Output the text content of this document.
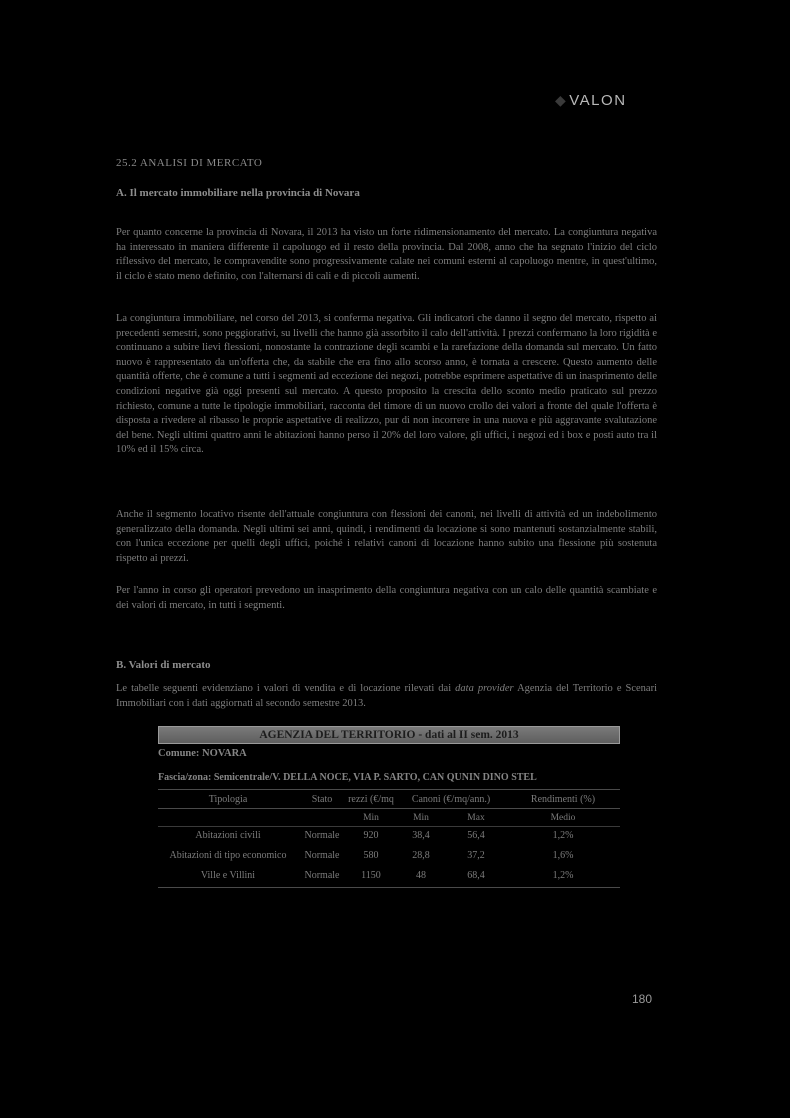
◆ VALON
25.2 ANALISI DI MERCATO
A. Il mercato immobiliare nella provincia di Novara

Per quanto concerne la provincia di Novara, il 2013 ha visto un forte ridimensionamento del mercato. La congiuntura negativa ha interessato in maniera differente il capoluogo ed il resto della provincia. Dal 2008, anno che ha segnato l'inizio del ciclo riflessivo del mercato, le compravendite sono progressivamente calate nei comuni esterni al capoluogo mentre, in quest'ultimo, il ciclo è stato meno definito, con l'alternarsi di cali e di piccoli aumenti.

La congiuntura immobiliare, nel corso del 2013, si conferma negativa. Gli indicatori che danno il segno del mercato, rispetto ai precedenti semestri, sono peggiorativi, su livelli che hanno già assorbito il calo dell'attività. I prezzi confermano la loro rigidità e continuano a subire lievi flessioni, nonostante la contrazione degli scambi e la rarefazione della domanda sul mercato. Un fatto nuovo è rappresentato da un'offerta che, da stabile che era fino allo scorso anno, è tornata a crescere. Questo aumento delle quantità offerte, che è comune a tutti i segmenti ad eccezione dei negozi, potrebbe esprimere aspettative di un inasprimento delle condizioni negative già oggi presenti sul mercato. A questo proposito la crescita dello sconto medio praticato sul prezzo richiesto, comune a tutte le tipologie immobiliari, racconta del timore di un nuovo crollo dei valori a fronte del quale l'offerta è disposta a rivedere al ribasso le proprie aspettative di realizzo, pur di non incorrere in una nuova e più aggravante svalutazione del bene. Negli ultimi quattro anni le abitazioni hanno perso il 20% del loro valore, gli uffici, i negozi ed i box e posti auto tra il 10% ed il 15% circa.

Anche il segmento locativo risente dell'attuale congiuntura con flessioni dei canoni, nei livelli di attività ed un indebolimento generalizzato della domanda. Negli ultimi sei anni, quindi, i rendimenti da locazione si sono mantenuti sostanzialmente stabili, con l'unica eccezione per quelli degli uffici, poiché i relativi canoni di locazione hanno subito una flessione più sostenuta rispetto ai prezzi.

Per l'anno in corso gli operatori prevedono un inasprimento della congiuntura negativa con un calo delle quantità scambiate e dei valori di mercato, in tutti i segmenti.

B. Valori di mercato

Le tabelle seguenti evidenziano i valori di vendita e di locazione rilevati dai data provider Agenzia del Territorio e Scenari Immobiliari con i dati aggiornati al secondo semestre 2013.

AGENZIA DEL TERRITORIO - dati al II sem. 2013
Comune: NOVARA
Fascia/zona: Semicentrale/V. DELLA NOCE, VIA P. SARTO, CAN QUNIN DINO STEL
Tipologia	Stato	rezzi (€/mq	Canoni (€/mq/ann.)		Rendimenti (%)
		Min	Min	Max	Medio
Abitazioni civili	Normale	920	38,4	56,4	1,2%
Abitazioni di tipo economico	Normale	580	28,8	37,2	1,6%
Ville e Villini	Normale	1150	48	68,4	1,2%
180
